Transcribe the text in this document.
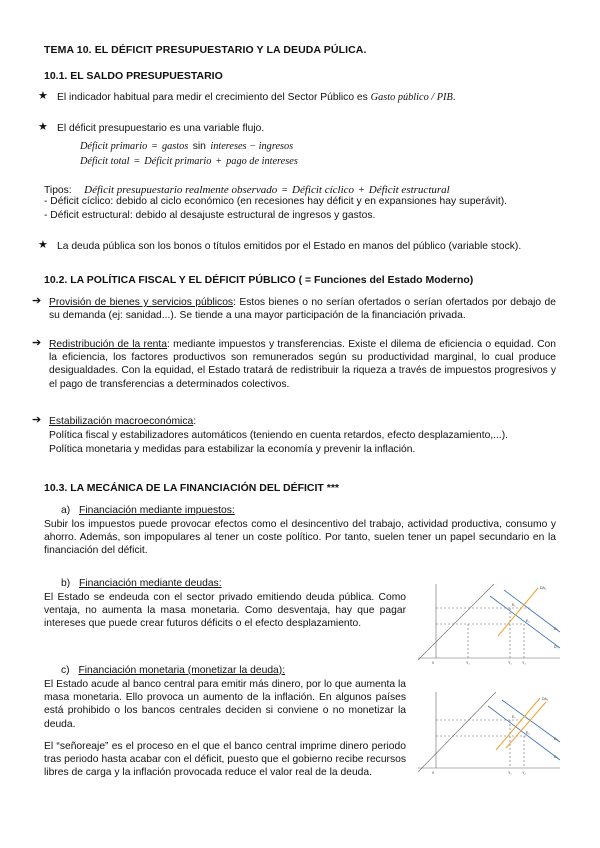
TEMA 10. EL DÉFICIT PRESUPUESTARIO Y LA DEUDA PÚLICA.
10.1. EL SALDO PRESUPUESTARIO
★ El indicador habitual para medir el crecimiento del Sector Público es Gasto público / PIB.
★ El déficit presupuestario es una variable flujo.
Déficit primario = gastos sin intereses − ingresos
Déficit total = Déficit primario + pago de intereses
Tipos: Déficit presupuestario realmente observado = Déficit cíclico + Déficit estructural
- Déficit cíclico: debido al ciclo económico (en recesiones hay déficit y en expansiones hay superávit).
- Déficit estructural: debido al desajuste estructural de ingresos y gastos.
★ La deuda pública son los bonos o títulos emitidos por el Estado en manos del público (variable stock).
10.2. LA POLÍTICA FISCAL Y EL DÉFICIT PÚBLICO ( = Funciones del Estado Moderno)
➔ Provisión de bienes y servicios públicos: Estos bienes o no serían ofertados o serían ofertados por debajo de su demanda (ej: sanidad...). Se tiende a una mayor participación de la financiación privada.
➔ Redistribución de la renta: mediante impuestos y transferencias. Existe el dilema de eficiencia o equidad. Con la eficiencia, los factores productivos son remunerados según su productividad marginal, lo cual produce desigualdades. Con la equidad, el Estado tratará de redistribuir la riqueza a través de impuestos progresivos y el pago de transferencias a determinados colectivos.
➔ Estabilización macroeconómica:
Política fiscal y estabilizadores automáticos (teniendo en cuenta retardos, efecto desplazamiento,...).
Política monetaria y medidas para estabilizar la economía y prevenir la inflación.
10.3. LA MECÁNICA DE LA FINANCIACIÓN DEL DÉFICIT ***
a) Financiación mediante impuestos:
Subir los impuestos puede provocar efectos como el desincentivo del trabajo, actividad productiva, consumo y ahorro. Además, son impopulares al tener un coste político. Por tanto, suelen tener un papel secundario en la financiación del déficit.
b) Financiación mediante deudas:
El Estado se endeuda con el sector privado emitiendo deuda pública. Como ventaja, no aumenta la masa monetaria. Como desventaja, hay que pagar intereses que puede crear futuros déficits o el efecto desplazamiento.
c) Financiación monetaria (monetizar la deuda):
El Estado acude al banco central para emitir más dinero, por lo que aumenta la masa monetaria. Ello provoca un aumento de la inflación. En algunos países está prohibido o los bancos centrales deciden si conviene o no monetizar la deuda.
El “señoreaje” es el proceso en el que el banco central imprime dinero periodo tras periodo hasta acabar con el déficit, puesto que el gobierno recibe recursos libres de carga y la inflación provocada reduce el valor real de la deuda.
DA₂
D₂
D₁
E₁
E₂
0	Y₁	Y₁	Y₂
DA₂
D₂
D₁
E₁
E₂
0	Y₁	Y₂
